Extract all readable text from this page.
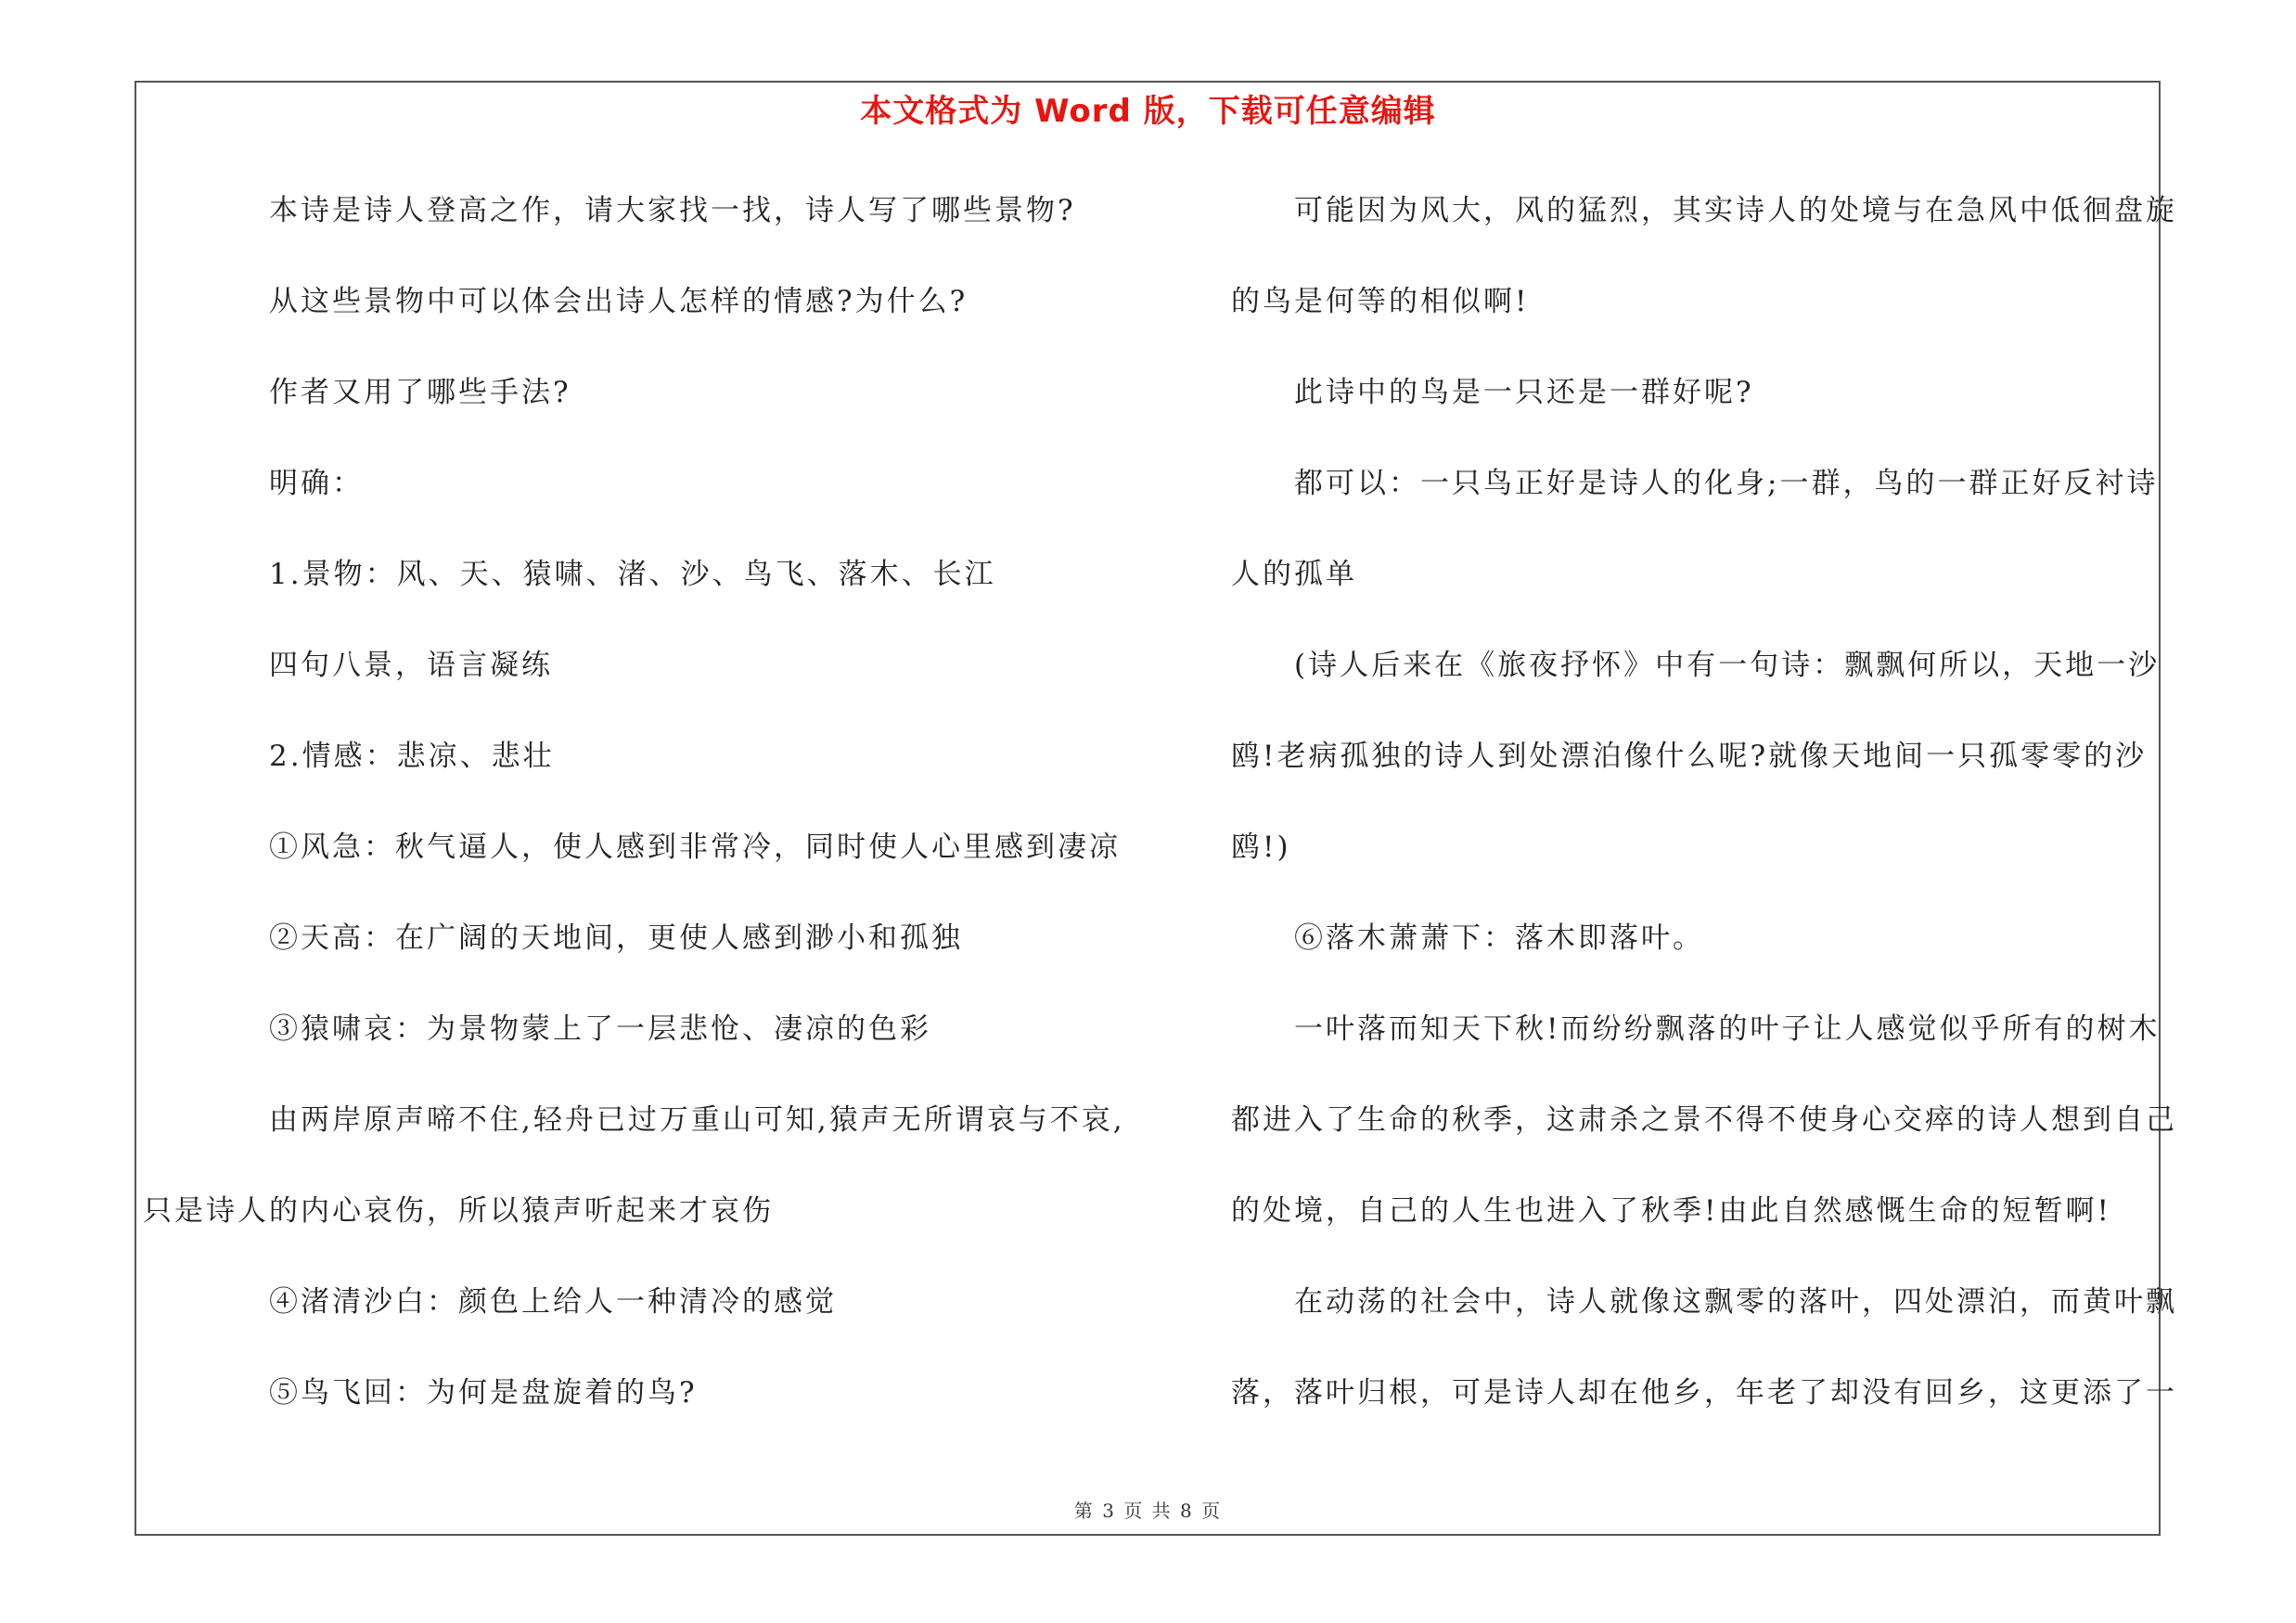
本文格式为 Word 版，下载可任意编辑
本诗是诗人登高之作，请大家找一找，诗人写了哪些景物?
从这些景物中可以体会出诗人怎样的情感?为什么?
作者又用了哪些手法?
明确：
1.景物：风、天、猿啸、渚、沙、鸟飞、落木、长江
四句八景，语言凝练
2.情感：悲凉、悲壮
①风急：秋气逼人，使人感到非常冷，同时使人心里感到凄凉
②天高：在广阔的天地间，更使人感到渺小和孤独
③猿啸哀：为景物蒙上了一层悲怆、凄凉的色彩
由两岸原声啼不住,轻舟已过万重山可知,猿声无所谓哀与不哀,
只是诗人的内心哀伤，所以猿声听起来才哀伤
④渚清沙白：颜色上给人一种清冷的感觉
⑤鸟飞回：为何是盘旋着的鸟?
可能因为风大，风的猛烈，其实诗人的处境与在急风中低徊盘旋
的鸟是何等的相似啊!
此诗中的鸟是一只还是一群好呢?
都可以：一只鸟正好是诗人的化身;一群，鸟的一群正好反衬诗
人的孤单
(诗人后来在《旅夜抒怀》中有一句诗：飘飘何所以，天地一沙
鸥!老病孤独的诗人到处漂泊像什么呢?就像天地间一只孤零零的沙
鸥!)
⑥落木萧萧下：落木即落叶。
一叶落而知天下秋!而纷纷飘落的叶子让人感觉似乎所有的树木
都进入了生命的秋季，这肃杀之景不得不使身心交瘁的诗人想到自己
的处境，自己的人生也进入了秋季!由此自然感慨生命的短暂啊!
在动荡的社会中，诗人就像这飘零的落叶，四处漂泊，而黄叶飘
落，落叶归根，可是诗人却在他乡，年老了却没有回乡，这更添了一
第 3 页 共 8 页
